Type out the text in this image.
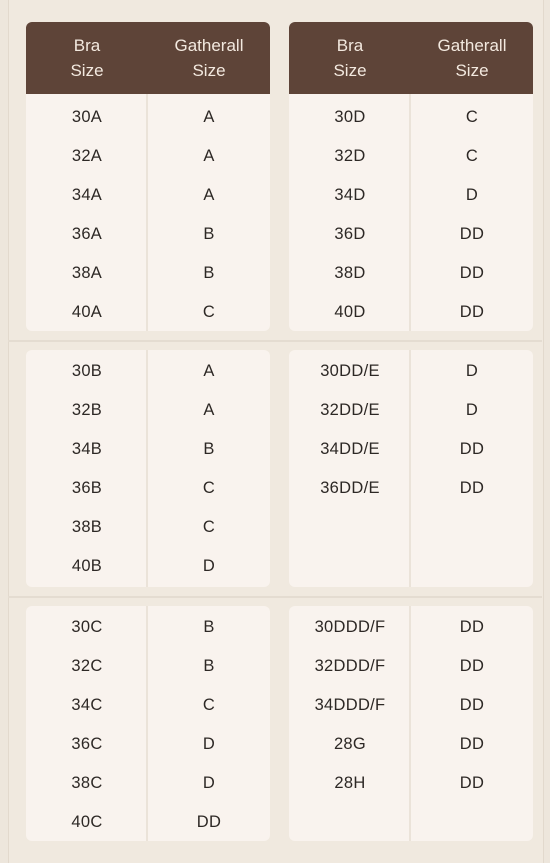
Bra
Size
Gatherall
Size
30A	A
32A	A
34A	A
36A	B
38A	B
40A	C
Bra
Size
Gatherall
Size
30D	C
32D	C
34D	D
36D	DD
38D	DD
40D	DD
30B	A
32B	A
34B	B
36B	C
38B	C
40B	D
30DD/E	D
32DD/E	D
34DD/E	DD
36DD/E	DD
30C	B
32C	B
34C	C
36C	D
38C	D
40C	DD
30DDD/F	DD
32DDD/F	DD
34DDD/F	DD
28G	DD
28H	DD
